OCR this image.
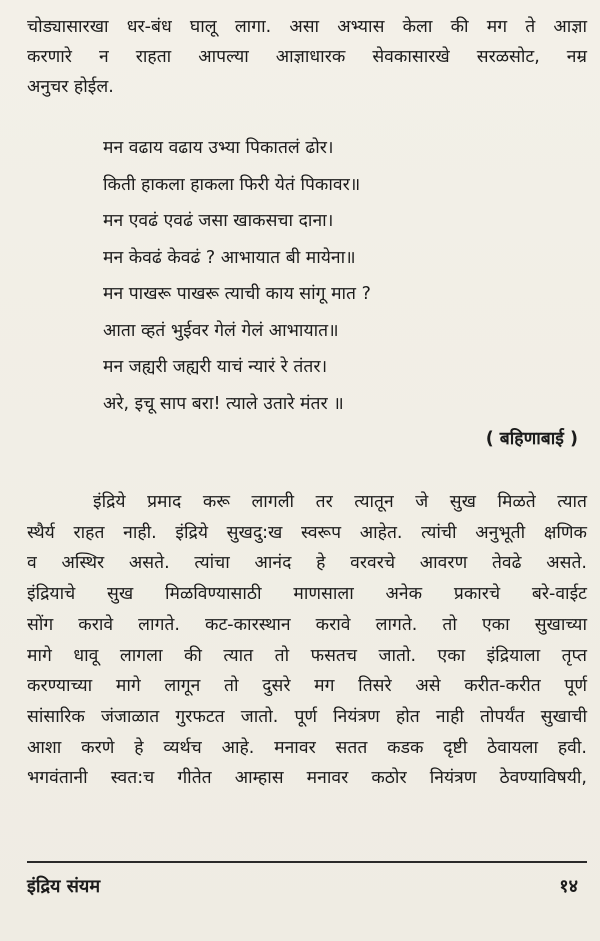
चोड्यासारखा धर-बंध घालू लागा. असा अभ्यास केला की मग ते आज्ञा
करणारे न राहता आपल्या आज्ञाधारक सेवकासारखे सरळसोट, नम्र
अनुचर होईल.
मन वढाय वढाय उभ्या पिकातलं ढोर।
किती हाकला हाकला फिरी येतं पिकावर॥
मन एवढं एवढं जसा खाकसचा दाना।
मन केवढं केवढं ? आभायात बी मायेना॥
मन पाखरू पाखरू त्याची काय सांगू मात ?
आता व्हतं भुईवर गेलं गेलं आभायात॥
मन जह्यरी जह्यरी याचं न्यारं रे तंतर।
अरे, इचू साप बरा! त्याले उतारे मंतर ॥
( बहिणाबाई )
इंद्रिये प्रमाद करू लागली तर त्यातून जे सुख मिळते त्यात
स्थैर्य राहत नाही. इंद्रिये सुखदु:ख स्वरूप आहेत. त्यांची अनुभूती क्षणिक
व अस्थिर असते. त्यांचा आनंद हे वरवरचे आवरण तेवढे असते.
इंद्रियाचे सुख मिळविण्यासाठी माणसाला अनेक प्रकारचे बरे-वाईट
सोंग करावे लागते. कट-कारस्थान करावे लागते. तो एका सुखाच्या
मागे धावू लागला की त्यात तो फसतच जातो. एका इंद्रियाला तृप्त
करण्याच्या मागे लागून तो दुसरे मग तिसरे असे करीत-करीत पूर्ण
सांसारिक जंजाळात गुरफटत जातो. पूर्ण नियंत्रण होत नाही तोपर्यंत सुखाची
आशा करणे हे व्यर्थच आहे. मनावर सतत कडक दृष्टी ठेवायला हवी.
भगवंतानी स्वत:च गीतेत आम्हास मनावर कठोर नियंत्रण ठेवण्याविषयी,
इंद्रिय संयम	१४
